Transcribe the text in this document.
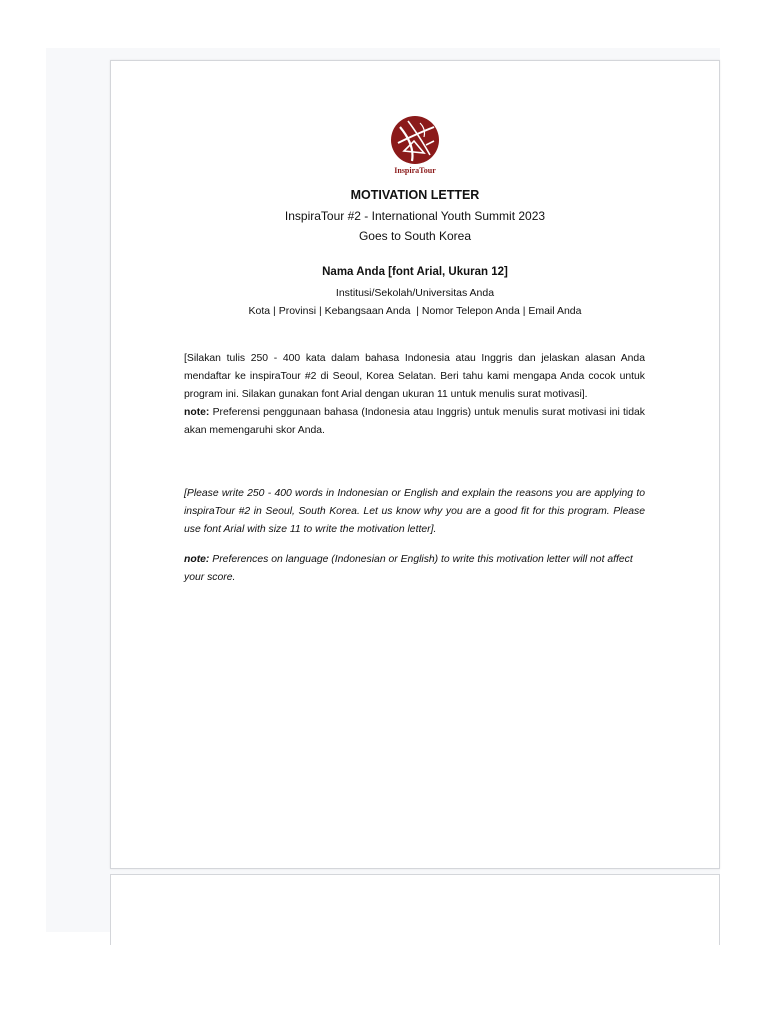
InspiraTour
MOTIVATION LETTER
InspiraTour #2 - International Youth Summit 2023
Goes to South Korea
Nama Anda [font Arial, Ukuran 12]
Institusi/Sekolah/Universitas Anda
Kota | Provinsi | Kebangsaan Anda  | Nomor Telepon Anda | Email Anda

[Silakan tulis 250 - 400 kata dalam bahasa Indonesia atau Inggris dan jelaskan alasan Anda mendaftar ke inspiraTour #2 di Seoul, Korea Selatan. Beri tahu kami mengapa Anda cocok untuk program ini. Silakan gunakan font Arial dengan ukuran 11 untuk menulis surat motivasi].
note: Preferensi penggunaan bahasa (Indonesia atau Inggris) untuk menulis surat motivasi ini tidak akan memengaruhi skor Anda.

[Please write 250 - 400 words in Indonesian or English and explain the reasons you are applying to inspiraTour #2 in Seoul, South Korea. Let us know why you are a good fit for this program. Please use font Arial with size 11 to write the motivation letter].

note: Preferences on language (Indonesian or English) to write this motivation letter will not affect your score.
